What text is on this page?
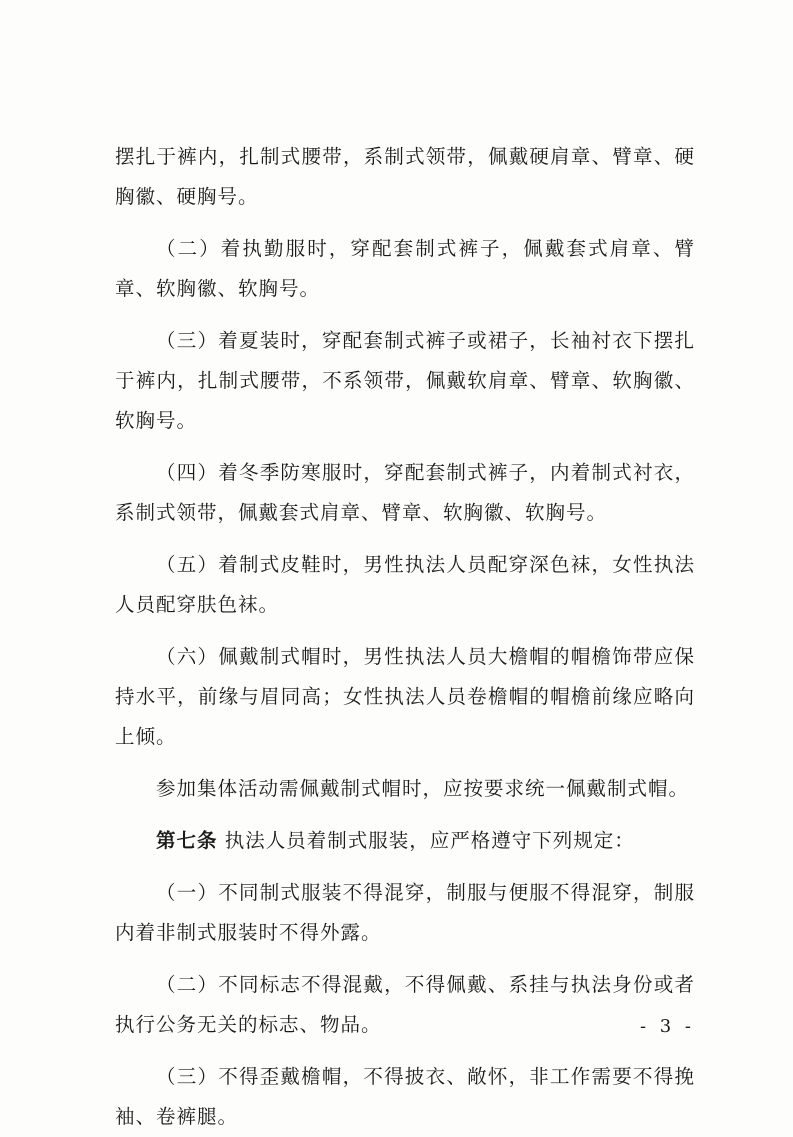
摆扎于裤内，扎制式腰带，系制式领带，佩戴硬肩章、臂章、硬胸徽、硬胸号。

（二）着执勤服时，穿配套制式裤子，佩戴套式肩章、臂章、软胸徽、软胸号。

（三）着夏装时，穿配套制式裤子或裙子，长袖衬衣下摆扎于裤内，扎制式腰带，不系领带，佩戴软肩章、臂章、软胸徽、软胸号。

（四）着冬季防寒服时，穿配套制式裤子，内着制式衬衣，系制式领带，佩戴套式肩章、臂章、软胸徽、软胸号。

（五）着制式皮鞋时，男性执法人员配穿深色袜，女性执法人员配穿肤色袜。

（六）佩戴制式帽时，男性执法人员大檐帽的帽檐饰带应保持水平，前缘与眉同高；女性执法人员卷檐帽的帽檐前缘应略向上倾。

参加集体活动需佩戴制式帽时，应按要求统一佩戴制式帽。

第七条 执法人员着制式服装，应严格遵守下列规定：

（一）不同制式服装不得混穿，制服与便服不得混穿，制服内着非制式服装时不得外露。

（二）不同标志不得混戴，不得佩戴、系挂与执法身份或者执行公务无关的标志、物品。

（三）不得歪戴檐帽，不得披衣、敞怀，非工作需要不得挽袖、卷裤腿。

- 3 -
